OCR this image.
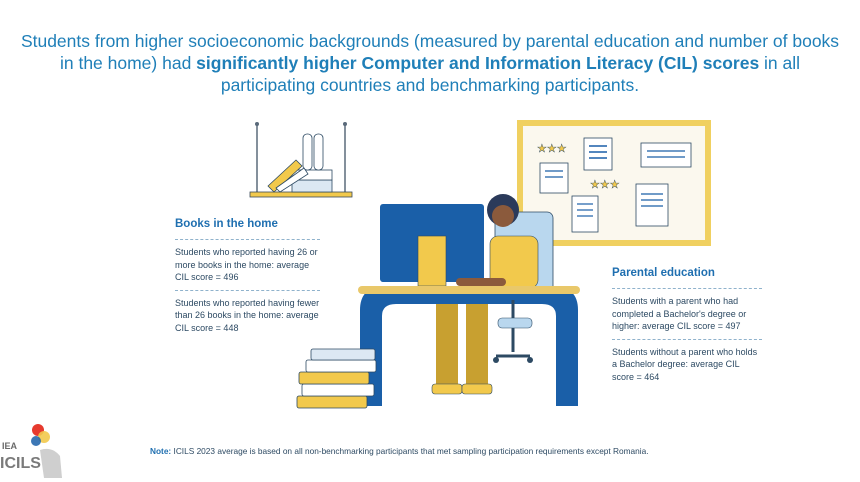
Students from higher socioeconomic backgrounds (measured by parental education and number of books in the home) had significantly higher Computer and Information Literacy (CIL) scores in all participating countries and benchmarking participants.
★★★
★★★
IEA
ICILS
Books in the home
Students who reported having 26 or more books in the home: average CIL score = 496
Students who reported having fewer than 26 books in the home: average CIL score = 448
Parental education
Students with a parent who had completed a Bachelor's degree or higher: average CIL score = 497
Students without a parent who holds a Bachelor degree: average CIL score = 464
Note: ICILS 2023 average is based on all non-benchmarking participants that met sampling participation requirements except Romania.
